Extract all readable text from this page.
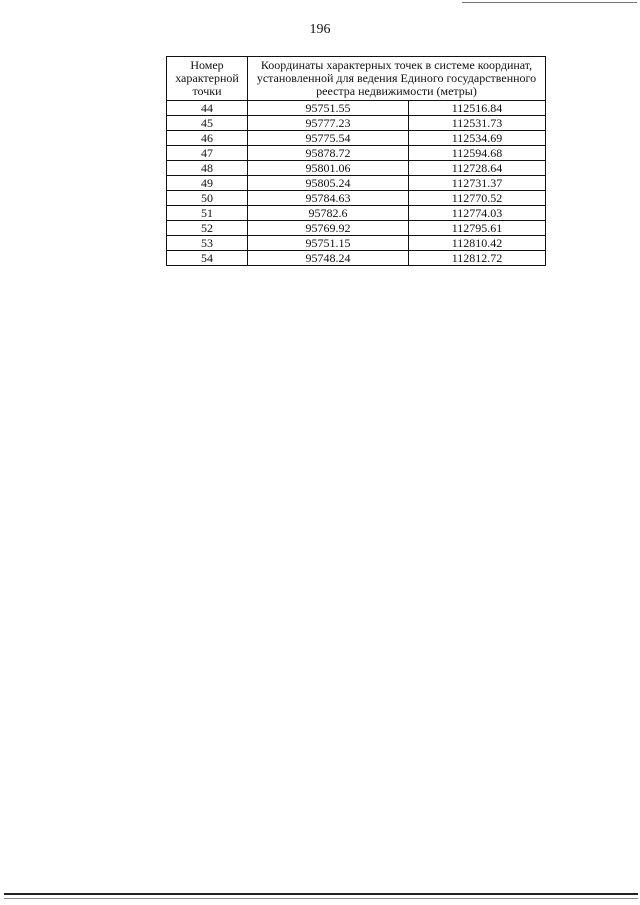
196
Номер характерной точки	Координаты характерных точек в системе координат, установленной для ведения Единого государственного реестра недвижимости (метры)	
44	95751.55	112516.84
45	95777.23	112531.73
46	95775.54	112534.69
47	95878.72	112594.68
48	95801.06	112728.64
49	95805.24	112731.37
50	95784.63	112770.52
51	95782.6	112774.03
52	95769.92	112795.61
53	95751.15	112810.42
54	95748.24	112812.72
